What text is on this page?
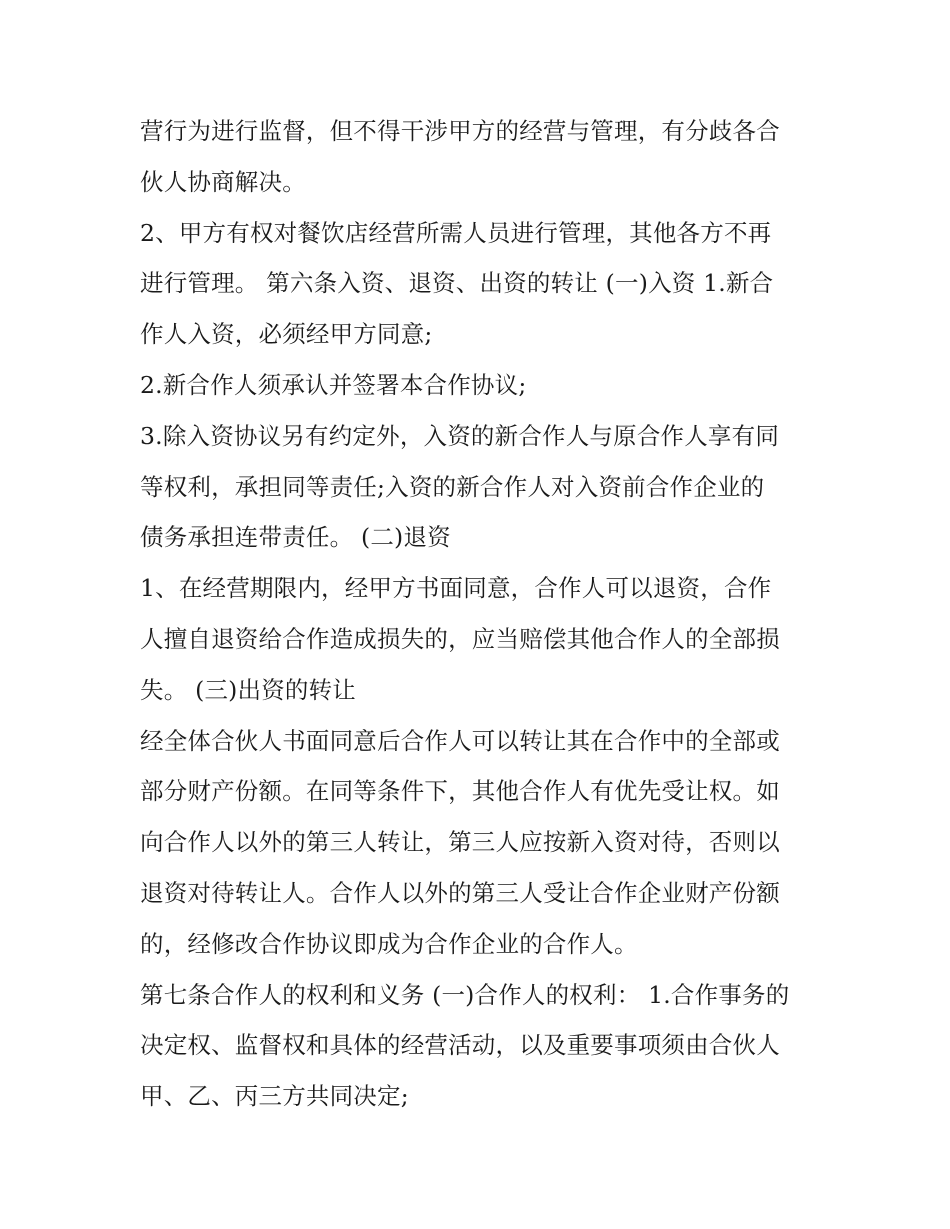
营行为进行监督，但不得干涉甲方的经营与管理，有分歧各合
伙人协商解决。
2、甲方有权对餐饮店经营所需人员进行管理，其他各方不再
进行管理。 第六条入资、退资、出资的转让 (一)入资 1.新合
作人入资，必须经甲方同意;
2.新合作人须承认并签署本合作协议;
3.除入资协议另有约定外，入资的新合作人与原合作人享有同
等权利，承担同等责任;入资的新合作人对入资前合作企业的
债务承担连带责任。 (二)退资
1、在经营期限内，经甲方书面同意，合作人可以退资，合作
人擅自退资给合作造成损失的，应当赔偿其他合作人的全部损
失。 (三)出资的转让
经全体合伙人书面同意后合作人可以转让其在合作中的全部或
部分财产份额。在同等条件下，其他合作人有优先受让权。如
向合作人以外的第三人转让，第三人应按新入资对待，否则以
退资对待转让人。合作人以外的第三人受让合作企业财产份额
的，经修改合作协议即成为合作企业的合作人。
第七条合作人的权利和义务 (一)合作人的权利： 1.合作事务的
决定权、监督权和具体的经营活动，以及重要事项须由合伙人
甲、乙、丙三方共同决定;
